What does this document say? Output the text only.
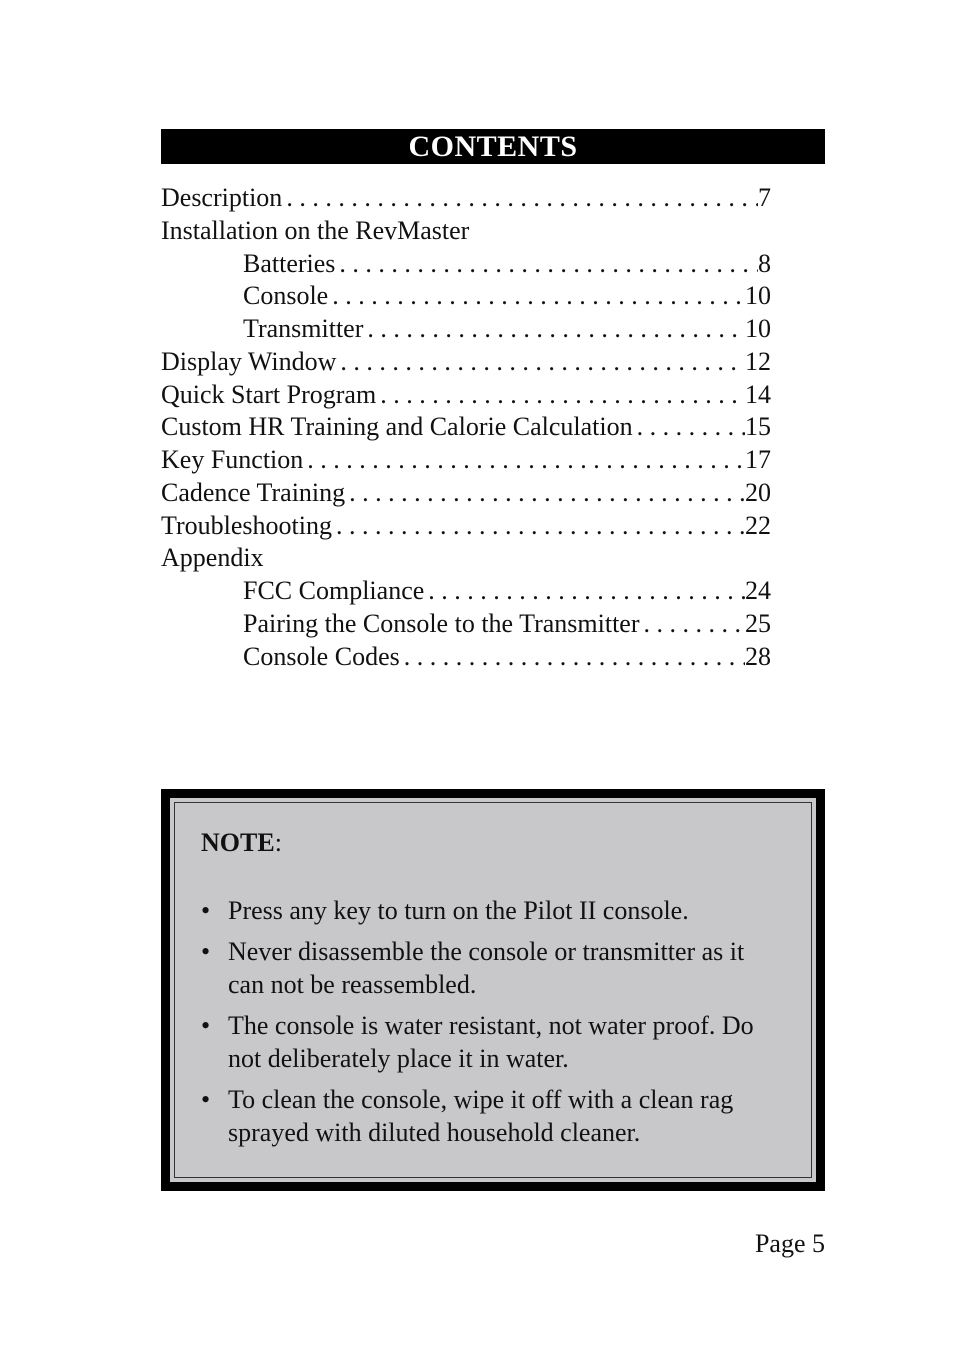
CONTENTS
Description . . .	7
Installation on the RevMaster
Batteries . . .	8
Console . . .	10
Transmitter . . .	10
Display Window . . .	12
Quick Start Program . . .	14
Custom HR Training and Calorie Calculation . . .	15
Key Function . . .	17
Cadence Training . . .	20
Troubleshooting . . .	22
Appendix
FCC Compliance . . .	24
Pairing the Console to the Transmitter . . .	25
Console Codes . . .	28
NOTE:
• Press any key to turn on the Pilot II console.
• Never disassemble the console or transmitter as it can not be reassembled.
• The console is water resistant, not water proof. Do not deliberately place it in water.
• To clean the console, wipe it off with a clean rag sprayed with diluted household cleaner.
Page 5
